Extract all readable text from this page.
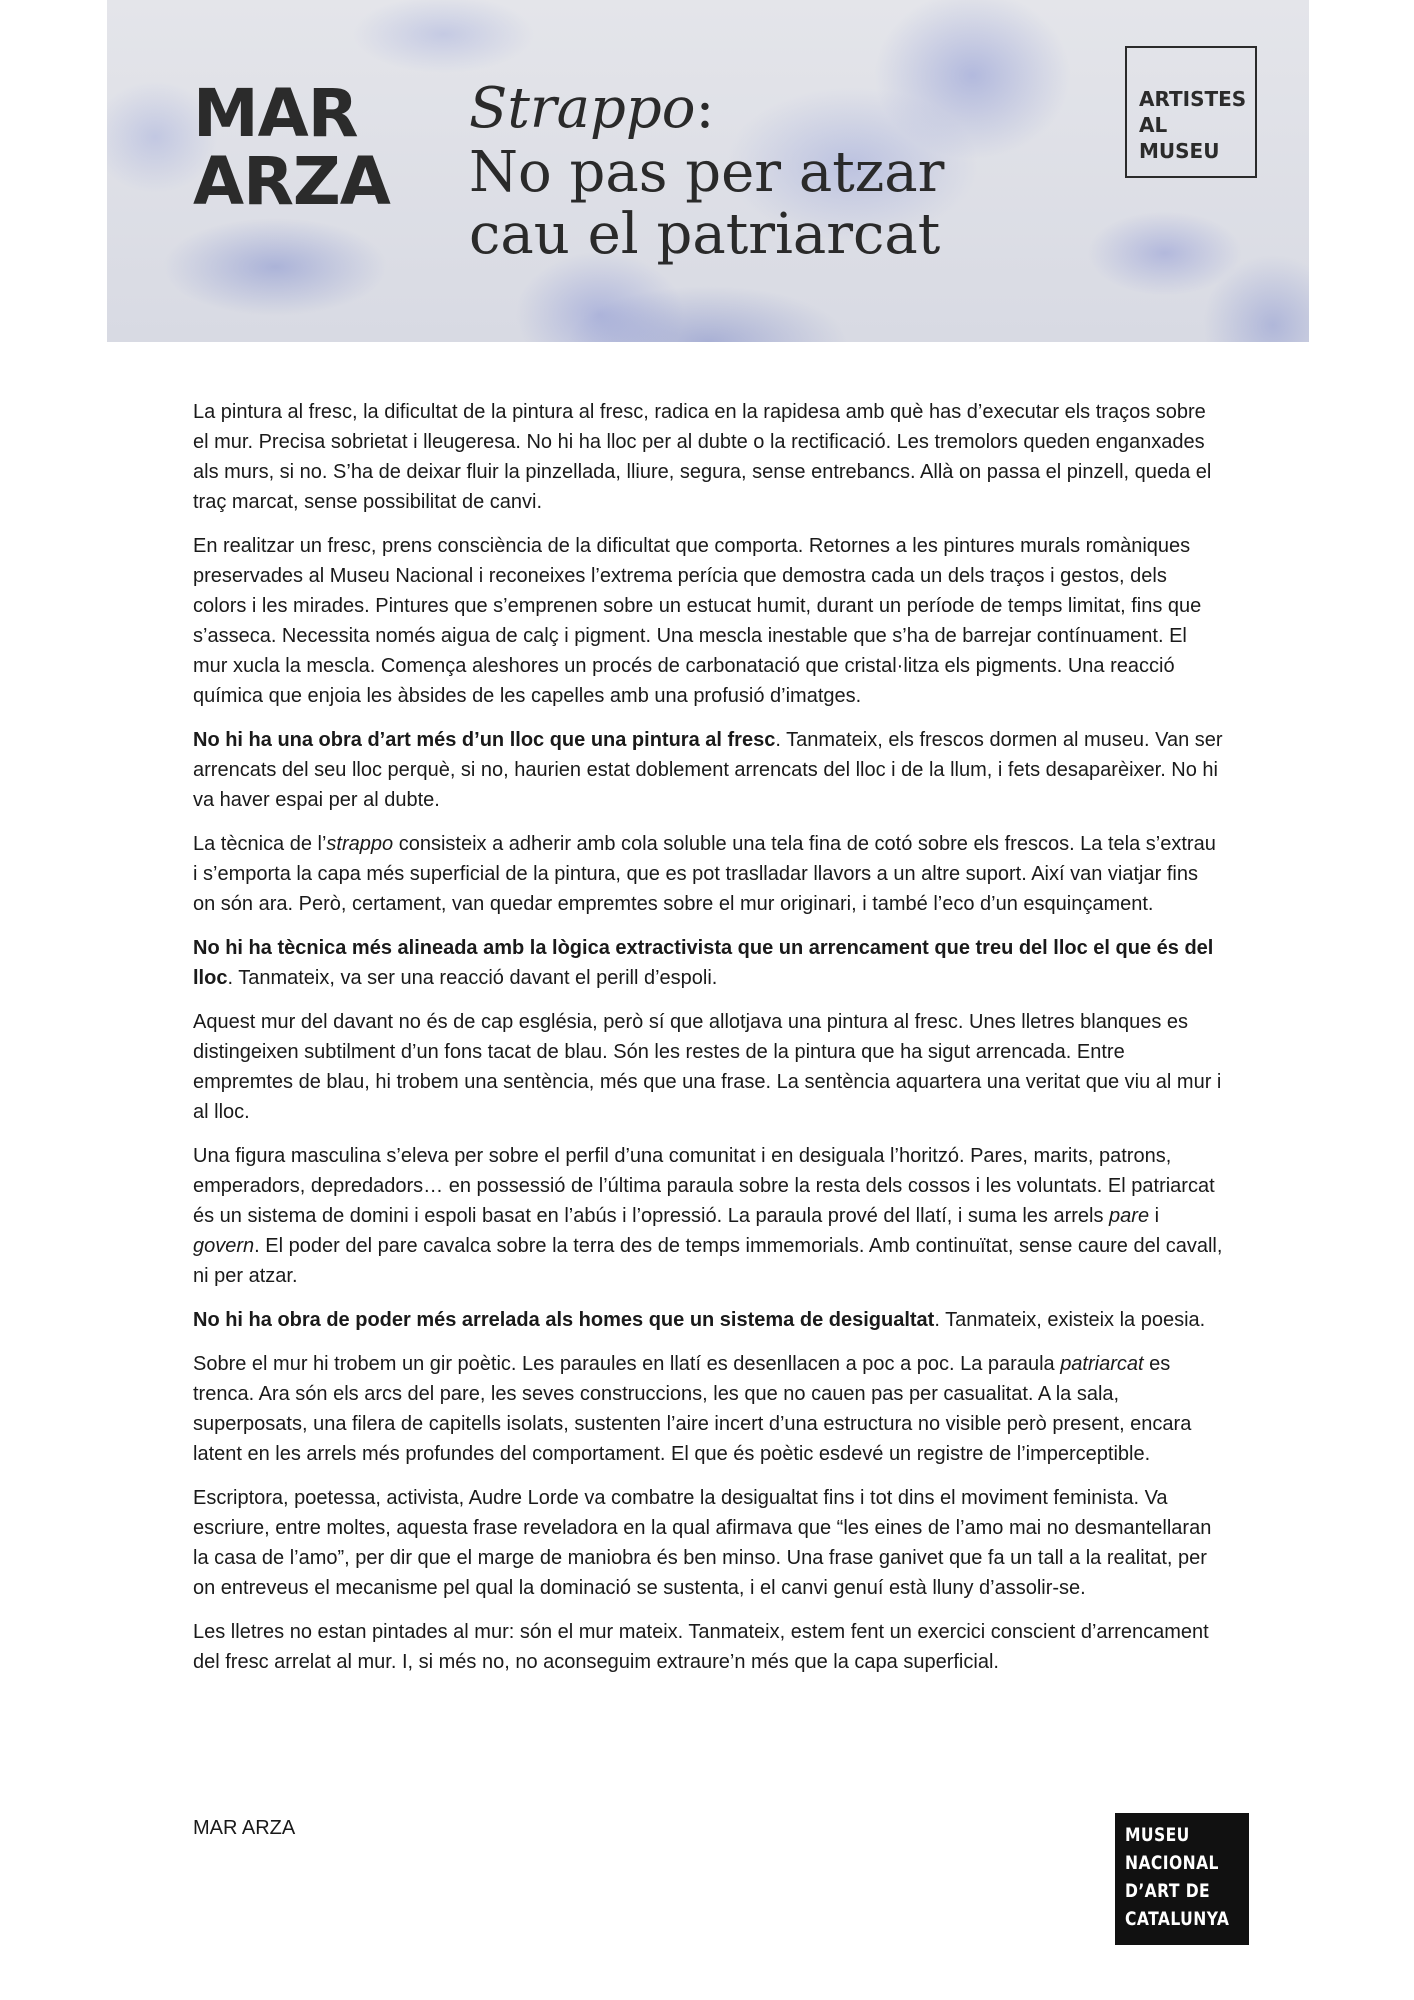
MAR
ARZA
Strappo:
No pas per atzar
cau el patriarcat
ARTISTES
AL
MUSEU

La pintura al fresc, la dificultat de la pintura al fresc, radica en la rapidesa amb què has d’executar els traços sobre el mur. Precisa sobrietat i lleugeresa. No hi ha lloc per al dubte o la rectificació. Les tremolors queden enganxades als murs, si no. S’ha de deixar fluir la pinzellada, lliure, segura, sense entrebancs. Allà on passa el pinzell, queda el traç marcat, sense possibilitat de canvi.

En realitzar un fresc, prens consciència de la dificultat que comporta. Retornes a les pintures murals romàniques preservades al Museu Nacional i reconeixes l’extrema perícia que demostra cada un dels traços i gestos, dels colors i les mirades. Pintures que s’emprenen sobre un estucat humit, durant un període de temps limitat, fins que s’asseca. Necessita només aigua de calç i pigment. Una mescla inestable que s’ha de barrejar contínuament. El mur xucla la mescla. Comença aleshores un procés de carbonatació que cristal·litza els pigments. Una reacció química que enjoia les àbsides de les capelles amb una profusió d’imatges.

No hi ha una obra d’art més d’un lloc que una pintura al fresc. Tanmateix, els frescos dormen al museu. Van ser arrencats del seu lloc perquè, si no, haurien estat doblement arrencats del lloc i de la llum, i fets desaparèixer. No hi va haver espai per al dubte.

La tècnica de l’strappo consisteix a adherir amb cola soluble una tela fina de cotó sobre els frescos. La tela s’extrau i s’emporta la capa més superficial de la pintura, que es pot traslladar llavors a un altre suport. Així van viatjar fins on són ara. Però, certament, van quedar empremtes sobre el mur originari, i també l’eco d’un esquinçament.

No hi ha tècnica més alineada amb la lògica extractivista que un arrencament que treu del lloc el que és del lloc. Tanmateix, va ser una reacció davant el perill d’espoli.

Aquest mur del davant no és de cap església, però sí que allotjava una pintura al fresc. Unes lletres blanques es distingeixen subtilment d’un fons tacat de blau. Són les restes de la pintura que ha sigut arrencada. Entre empremtes de blau, hi trobem una sentència, més que una frase. La sentència aquartera una veritat que viu al mur i al lloc.

Una figura masculina s’eleva per sobre el perfil d’una comunitat i en desiguala l’horitzó. Pares, marits, patrons, emperadors, depredadors… en possessió de l’última paraula sobre la resta dels cossos i les voluntats. El patriarcat és un sistema de domini i espoli basat en l’abús i l’opressió. La paraula prové del llatí, i suma les arrels pare i govern. El poder del pare cavalca sobre la terra des de temps immemorials. Amb continuïtat, sense caure del cavall, ni per atzar.

No hi ha obra de poder més arrelada als homes que un sistema de desigualtat. Tanmateix, existeix la poesia.

Sobre el mur hi trobem un gir poètic. Les paraules en llatí es desenllacen a poc a poc. La paraula patriarcat es trenca. Ara són els arcs del pare, les seves construccions, les que no cauen pas per casualitat. A la sala, superposats, una filera de capitells isolats, sustenten l’aire incert d’una estructura no visible però present, encara latent en les arrels més profundes del comportament. El que és poètic esdevé un registre de l’imperceptible.

Escriptora, poetessa, activista, Audre Lorde va combatre la desigualtat fins i tot dins el moviment feminista. Va escriure, entre moltes, aquesta frase reveladora en la qual afirmava que “les eines de l’amo mai no desmantellaran la casa de l’amo”, per dir que el marge de maniobra és ben minso. Una frase ganivet que fa un tall a la realitat, per on entreveus el mecanisme pel qual la dominació se sustenta, i el canvi genuí està lluny d’assolir-se.

Les lletres no estan pintades al mur: són el mur mateix. Tanmateix, estem fent un exercici conscient d’arrencament del fresc arrelat al mur. I, si més no, no aconseguim extraure’n més que la capa superficial.

MAR ARZA	MUSEU
NACIONAL
D’ART DE
CATALUNYA
